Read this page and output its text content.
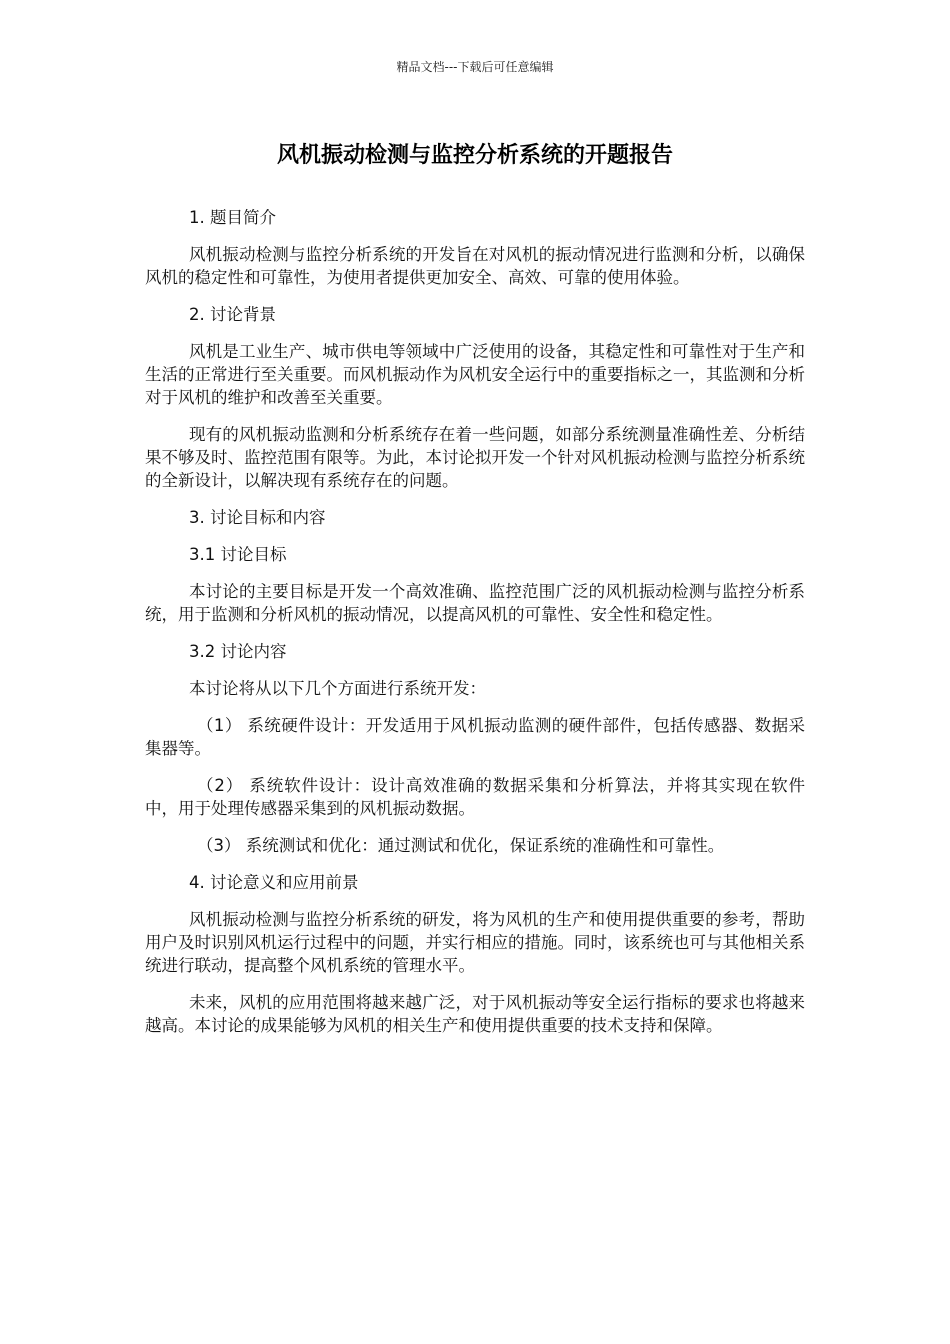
精品文档---下载后可任意编辑
风机振动检测与监控分析系统的开题报告

1. 题目简介

风机振动检测与监控分析系统的开发旨在对风机的振动情况进行监测和分析，以确保风机的稳定性和可靠性，为使用者提供更加安全、高效、可靠的使用体验。

2. 讨论背景

风机是工业生产、城市供电等领域中广泛使用的设备，其稳定性和可靠性对于生产和生活的正常进行至关重要。而风机振动作为风机安全运行中的重要指标之一，其监测和分析对于风机的维护和改善至关重要。

现有的风机振动监测和分析系统存在着一些问题，如部分系统测量准确性差、分析结果不够及时、监控范围有限等。为此，本讨论拟开发一个针对风机振动检测与监控分析系统的全新设计，以解决现有系统存在的问题。

3. 讨论目标和内容

3.1 讨论目标

本讨论的主要目标是开发一个高效准确、监控范围广泛的风机振动检测与监控分析系统，用于监测和分析风机的振动情况，以提高风机的可靠性、安全性和稳定性。

3.2 讨论内容

本讨论将从以下几个方面进行系统开发：

（1） 系统硬件设计：开发适用于风机振动监测的硬件部件，包括传感器、数据采集器等。

（2） 系统软件设计：设计高效准确的数据采集和分析算法，并将其实现在软件中，用于处理传感器采集到的风机振动数据。

（3） 系统测试和优化：通过测试和优化，保证系统的准确性和可靠性。

4. 讨论意义和应用前景

风机振动检测与监控分析系统的研发，将为风机的生产和使用提供重要的参考，帮助用户及时识别风机运行过程中的问题，并实行相应的措施。同时，该系统也可与其他相关系统进行联动，提高整个风机系统的管理水平。

未来，风机的应用范围将越来越广泛，对于风机振动等安全运行指标的要求也将越来越高。本讨论的成果能够为风机的相关生产和使用提供重要的技术支持和保障。
